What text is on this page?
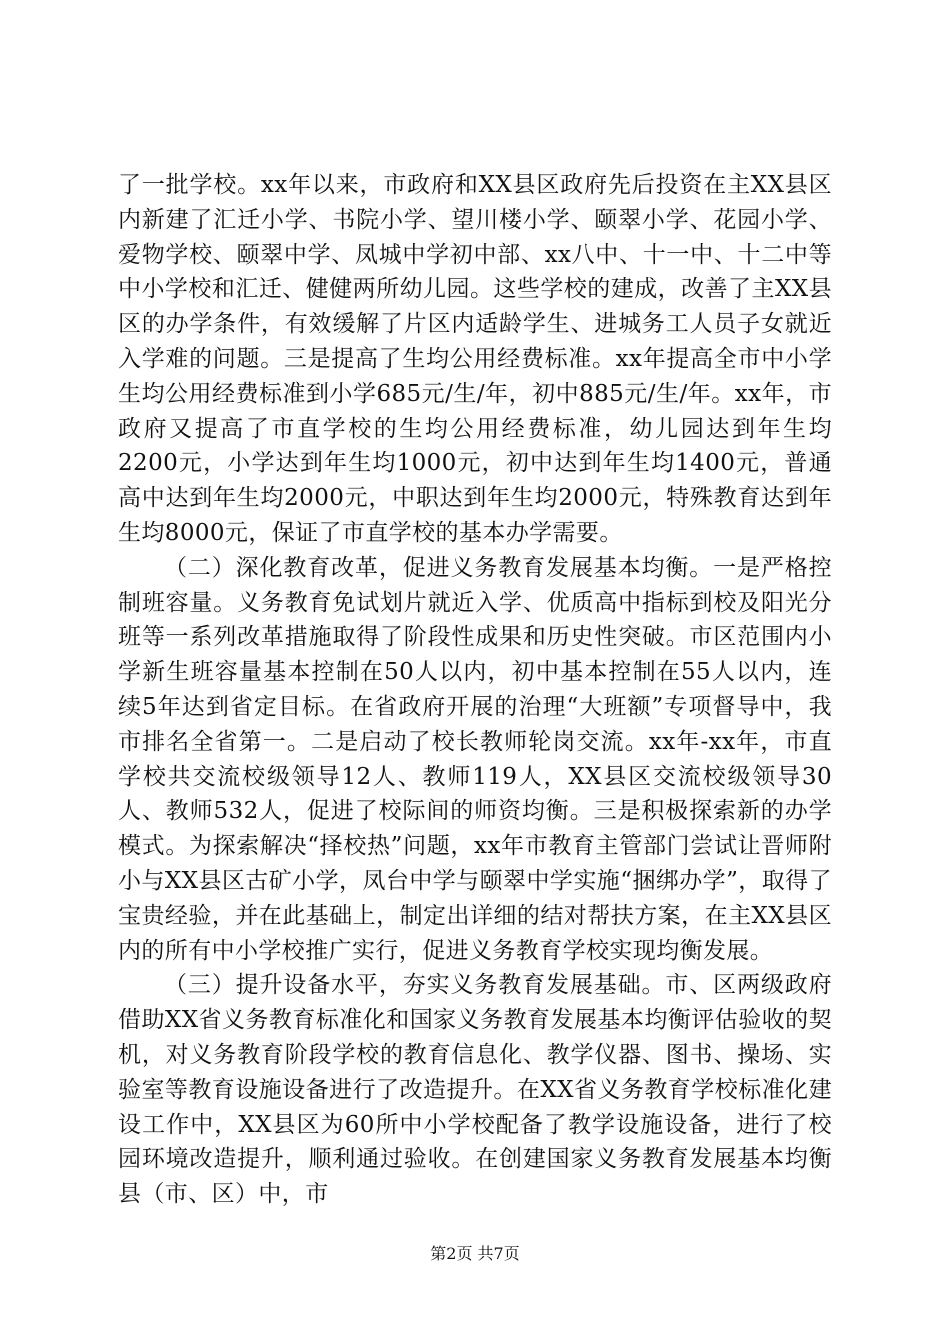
了一批学校。xx年以来，市政府和XX县区政府先后投资在主XX县区内新建了汇迁小学、书院小学、望川楼小学、颐翠小学、花园小学、爱物学校、颐翠中学、凤城中学初中部、xx八中、十一中、十二中等中小学校和汇迁、健健两所幼儿园。这些学校的建成，改善了主XX县区的办学条件，有效缓解了片区内适龄学生、进城务工人员子女就近入学难的问题。三是提高了生均公用经费标准。xx年提高全市中小学生均公用经费标准到小学685元/生/年，初中885元/生/年。xx年，市政府又提高了市直学校的生均公用经费标准，幼儿园达到年生均2200元，小学达到年生均1000元，初中达到年生均1400元，普通高中达到年生均2000元，中职达到年生均2000元，特殊教育达到年生均8000元，保证了市直学校的基本办学需要。

（二）深化教育改革，促进义务教育发展基本均衡。一是严格控制班容量。义务教育免试划片就近入学、优质高中指标到校及阳光分班等一系列改革措施取得了阶段性成果和历史性突破。市区范围内小学新生班容量基本控制在50人以内，初中基本控制在55人以内，连续5年达到省定目标。在省政府开展的治理“大班额”专项督导中，我市排名全省第一。二是启动了校长教师轮岗交流。xx年-xx年，市直学校共交流校级领导12人、教师119人，XX县区交流校级领导30人、教师532人，促进了校际间的师资均衡。三是积极探索新的办学模式。为探索解决“择校热”问题，xx年市教育主管部门尝试让晋师附小与XX县区古矿小学，凤台中学与颐翠中学实施“捆绑办学”，取得了宝贵经验，并在此基础上，制定出详细的结对帮扶方案，在主XX县区内的所有中小学校推广实行，促进义务教育学校实现均衡发展。

（三）提升设备水平，夯实义务教育发展基础。市、区两级政府借助XX省义务教育标准化和国家义务教育发展基本均衡评估验收的契机，对义务教育阶段学校的教育信息化、教学仪器、图书、操场、实验室等教育设施设备进行了改造提升。在XX省义务教育学校标准化建设工作中，XX县区为60所中小学校配备了教学设施设备，进行了校园环境改造提升，顺利通过验收。在创建国家义务教育发展基本均衡县（市、区）中，市

第2页 共7页
